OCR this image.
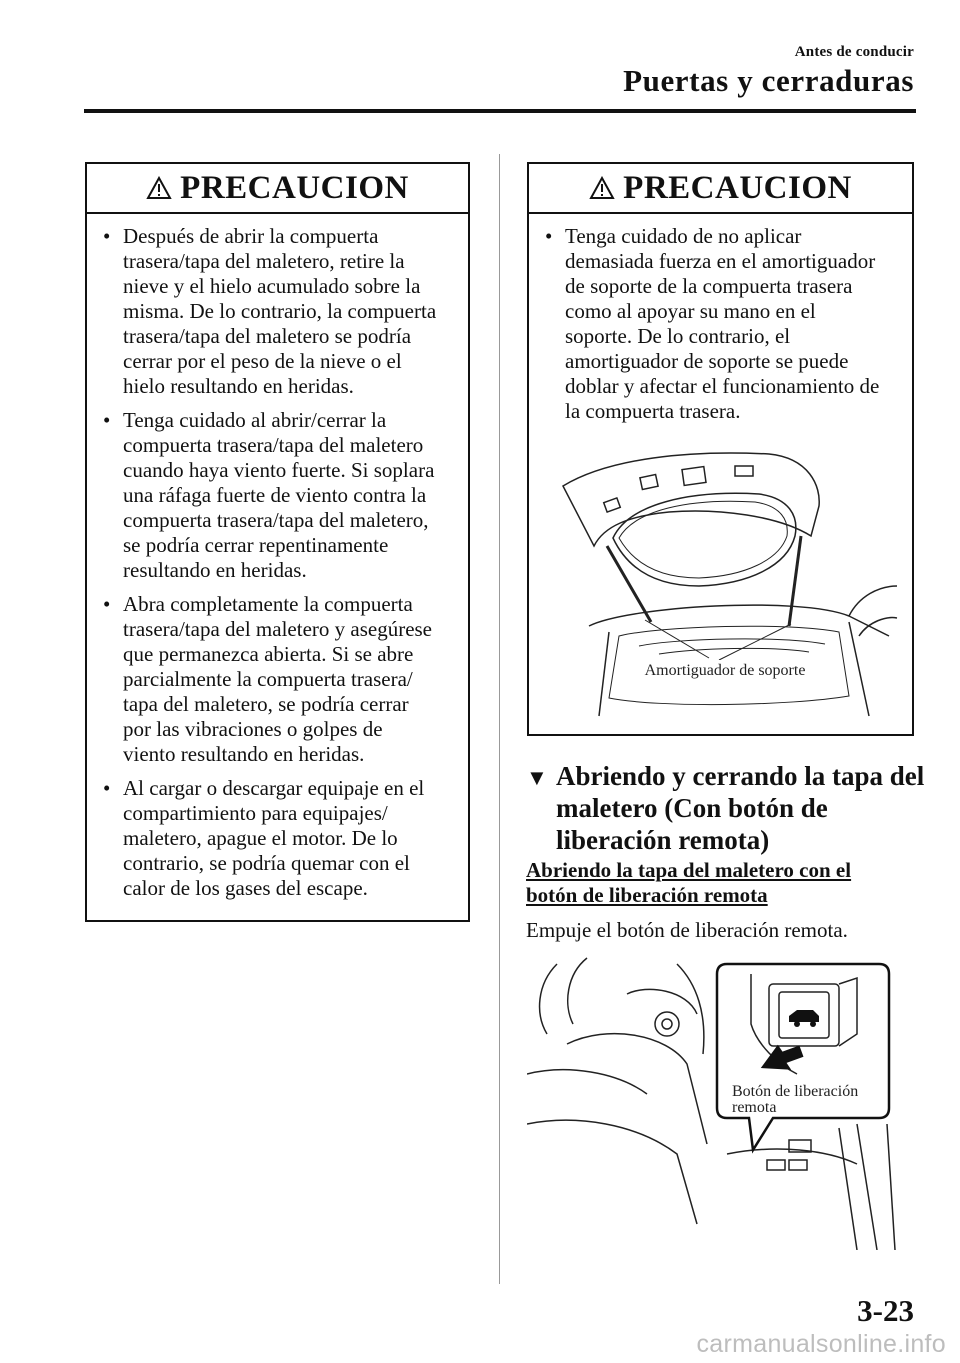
Antes de conducir
Puertas y cerraduras
PRECAUCION
• Después de abrir la compuerta
trasera/tapa del maletero, retire la
nieve y el hielo acumulado sobre la
misma. De lo contrario, la compuerta
trasera/tapa del maletero se podría
cerrar por el peso de la nieve o el
hielo resultando en heridas.
• Tenga cuidado al abrir/cerrar la
compuerta trasera/tapa del maletero
cuando haya viento fuerte. Si soplara
una ráfaga fuerte de viento contra la
compuerta trasera/tapa del maletero,
se podría cerrar repentinamente
resultando en heridas.
• Abra completamente la compuerta
trasera/tapa del maletero y asegúrese
que permanezca abierta. Si se abre
parcialmente la compuerta trasera/
tapa del maletero, se podría cerrar
por las vibraciones o golpes de
viento resultando en heridas.
• Al cargar o descargar equipaje en el
compartimiento para equipajes/
maletero, apague el motor. De lo
contrario, se podría quemar con el
calor de los gases del escape.
PRECAUCION
• Tenga cuidado de no aplicar
demasiada fuerza en el amortiguador
de soporte de la compuerta trasera
como al apoyar su mano en el
soporte. De lo contrario, el
amortiguador de soporte se puede
doblar y afectar el funcionamiento de
la compuerta trasera.
Amortiguador de soporte
▼ Abriendo y cerrando la tapa del
maletero (Con botón de
liberación remota)
Abriendo la tapa del maletero con el
botón de liberación remota
Empuje el botón de liberación remota.
Botón de liberación
remota
3-23
carmanualsonline.info
